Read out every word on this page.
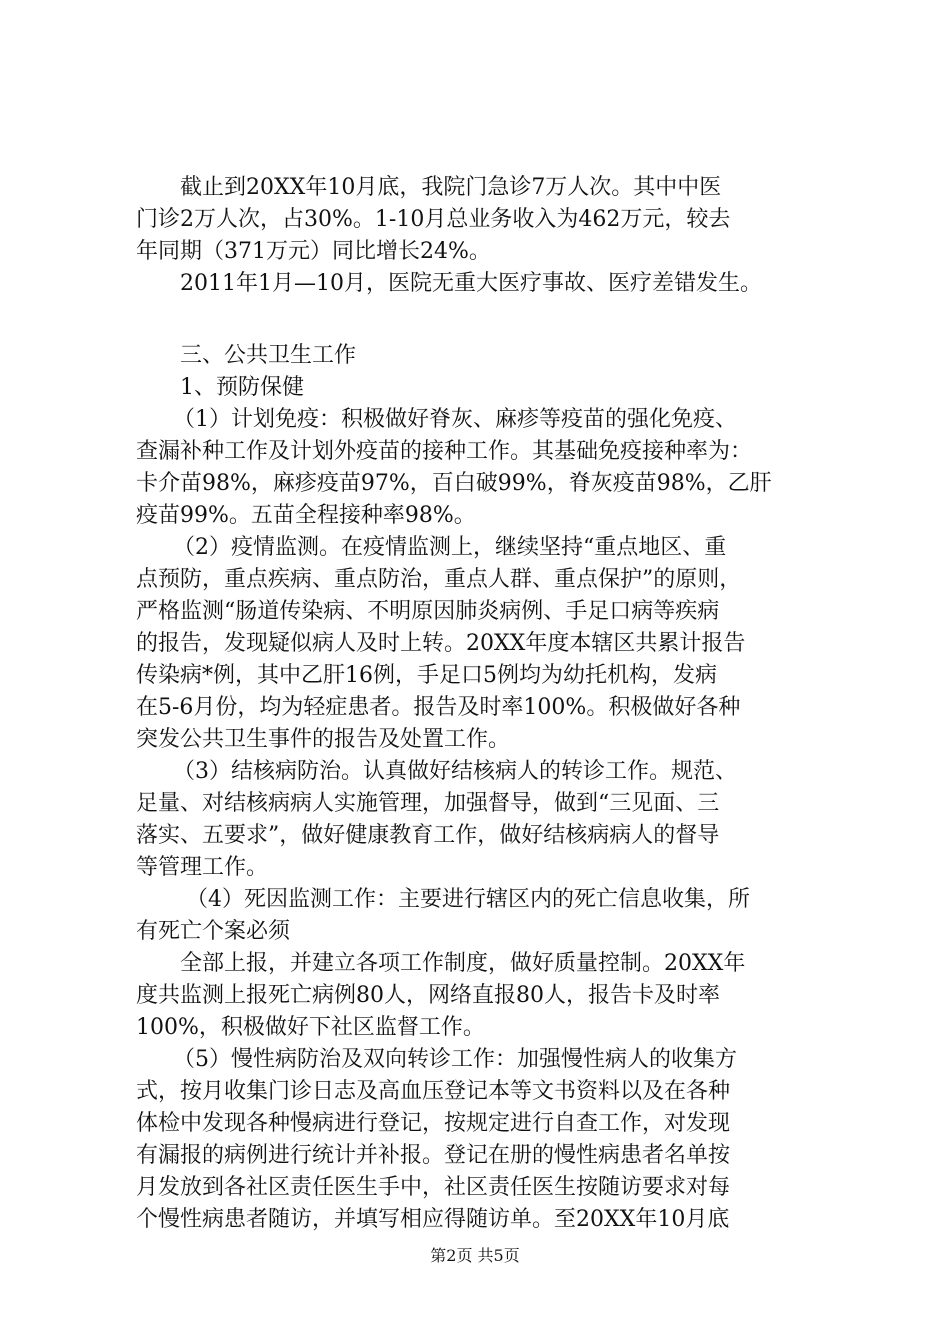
截止到20XX年10月底，我院门急诊7万人次。其中中医
门诊2万人次，占30%。1-10月总业务收入为462万元，较去
年同期（371万元）同比增长24%。
2011年1月—10月，医院无重大医疗事故、医疗差错发生。
三、公共卫生工作
1、预防保健
（1）计划免疫：积极做好脊灰、麻疹等疫苗的强化免疫、
查漏补种工作及计划外疫苗的接种工作。其基础免疫接种率为：
卡介苗98%，麻疹疫苗97%，百白破99%，脊灰疫苗98%，乙肝
疫苗99%。五苗全程接种率98%。
（2）疫情监测。在疫情监测上，继续坚持“重点地区、重
点预防，重点疾病、重点防治，重点人群、重点保护”的原则，
严格监测“肠道传染病、不明原因肺炎病例、手足口病等疾病
的报告，发现疑似病人及时上转。20XX年度本辖区共累计报告
传染病*例，其中乙肝16例，手足口5例均为幼托机构，发病
在5-6月份，均为轻症患者。报告及时率100%。积极做好各种
突发公共卫生事件的报告及处置工作。
（3）结核病防治。认真做好结核病人的转诊工作。规范、
足量、对结核病病人实施管理，加强督导，做到“三见面、三
落实、五要求”，做好健康教育工作，做好结核病病人的督导
等管理工作。
（4）死因监测工作：主要进行辖区内的死亡信息收集，所
有死亡个案必须
全部上报，并建立各项工作制度，做好质量控制。20XX年
度共监测上报死亡病例80人，网络直报80人，报告卡及时率
100%，积极做好下社区监督工作。
（5）慢性病防治及双向转诊工作：加强慢性病人的收集方
式，按月收集门诊日志及高血压登记本等文书资料以及在各种
体检中发现各种慢病进行登记，按规定进行自查工作，对发现
有漏报的病例进行统计并补报。登记在册的慢性病患者名单按
月发放到各社区责任医生手中，社区责任医生按随访要求对每
个慢性病患者随访，并填写相应得随访单。至20XX年10月底
第2页 共5页
